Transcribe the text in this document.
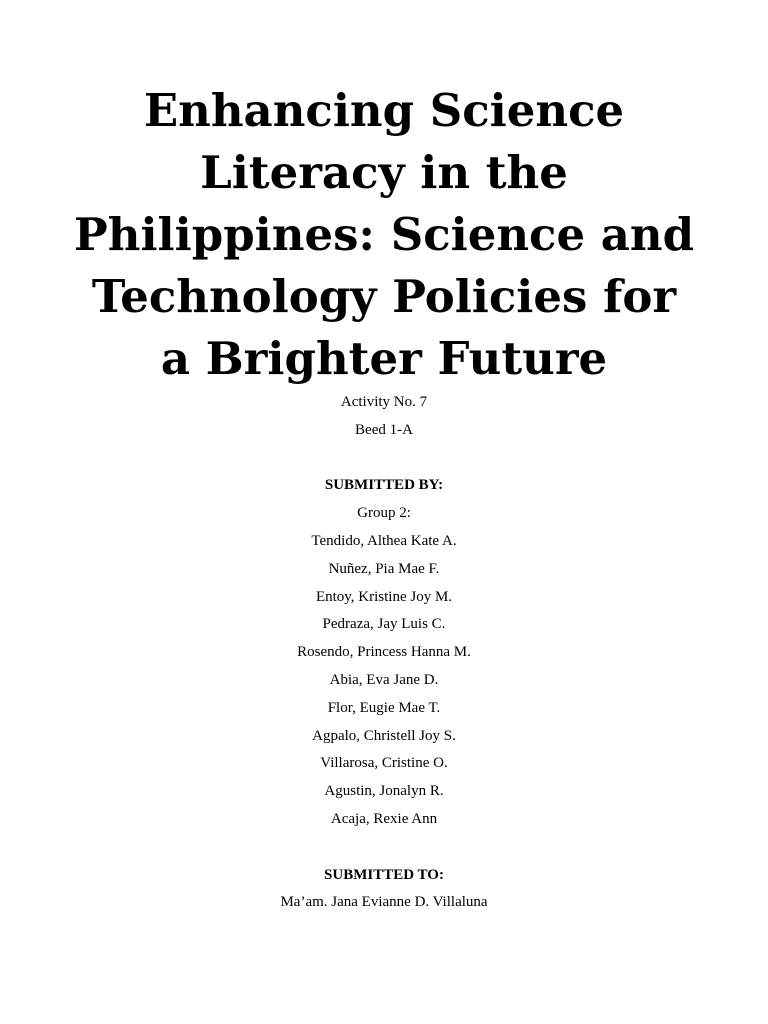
Enhancing Science
Literacy in the
Philippines: Science and
Technology Policies for
a Brighter Future
Activity No. 7
Beed 1-A
SUBMITTED BY:
Group 2:
Tendido, Althea Kate A.
Nuñez, Pia Mae F.
Entoy, Kristine Joy M.
Pedraza, Jay Luis C.
Rosendo, Princess Hanna M.
Abia, Eva Jane D.
Flor, Eugie Mae T.
Agpalo, Christell Joy S.
Villarosa, Cristine O.
Agustin, Jonalyn R.
Acaja, Rexie Ann
SUBMITTED TO:
Ma’am. Jana Evianne D. Villaluna
